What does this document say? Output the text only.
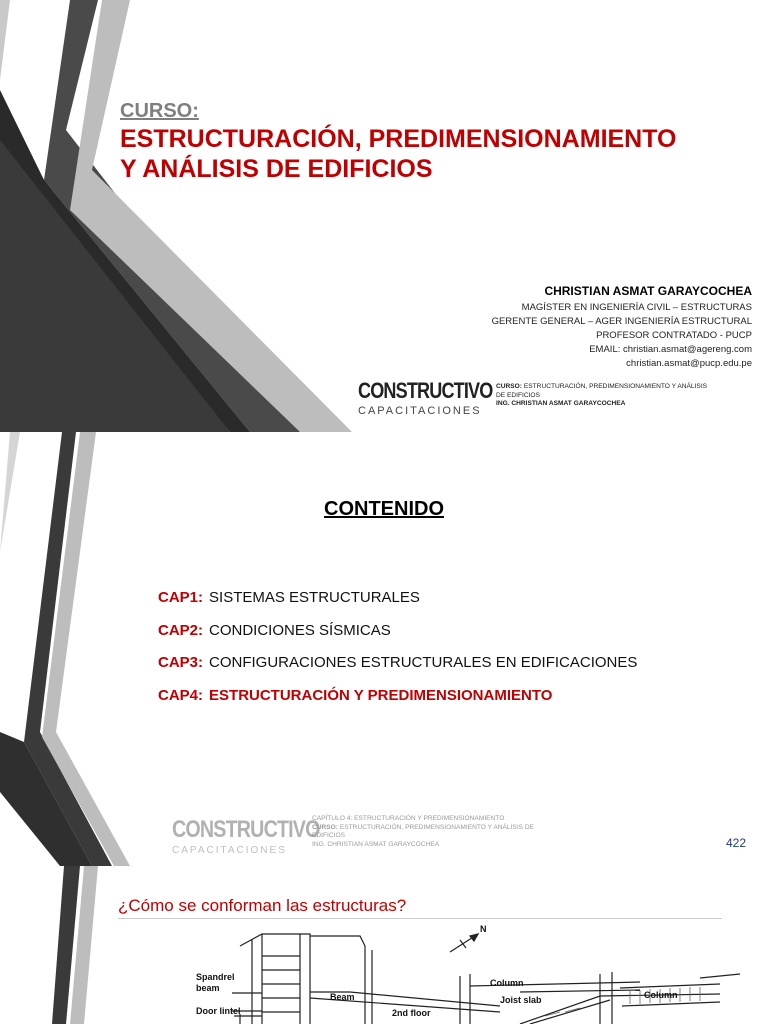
CURSO:
ESTRUCTURACIÓN, PREDIMENSIONAMIENTO
Y ANÁLISIS DE EDIFICIOS
CHRISTIAN ASMAT GARAYCOCHEA
MAGÍSTER EN INGENIERÍA CIVIL – ESTRUCTURAS
GERENTE GENERAL – AGER INGENIERÍA ESTRUCTURAL
PROFESOR CONTRATADO - PUCP
EMAIL: christian.asmat@agereng.com
christian.asmat@pucp.edu.pe
CONSTRUCTIVO
CAPACITACIONES
CURSO: ESTRUCTURACIÓN, PREDIMENSIONAMIENTO Y ANÁLISIS DE EDIFICIOS
ING. CHRISTIAN ASMAT GARAYCOCHEA
CONTENIDO
CAP1: SISTEMAS ESTRUCTURALES
CAP2: CONDICIONES SÍSMICAS
CAP3: CONFIGURACIONES ESTRUCTURALES EN EDIFICACIONES
CAP4: ESTRUCTURACIÓN Y PREDIMENSIONAMIENTO
CONSTRUCTIVO
CAPACITACIONES
CAPÍTULO 4: ESTRUCTURACIÓN Y PREDIMENSIONAMIENTO
CURSO: ESTRUCTURACIÓN, PREDIMENSIONAMIENTO Y ANÁLISIS DE EDIFICIOS
ING. CHRISTIAN ASMAT GARAYCOCHEA	422
¿Cómo se conforman las estructuras?
Spandrel
beam
Door lintel
Beam
2nd floor
Column
Joist slab	Column
N
